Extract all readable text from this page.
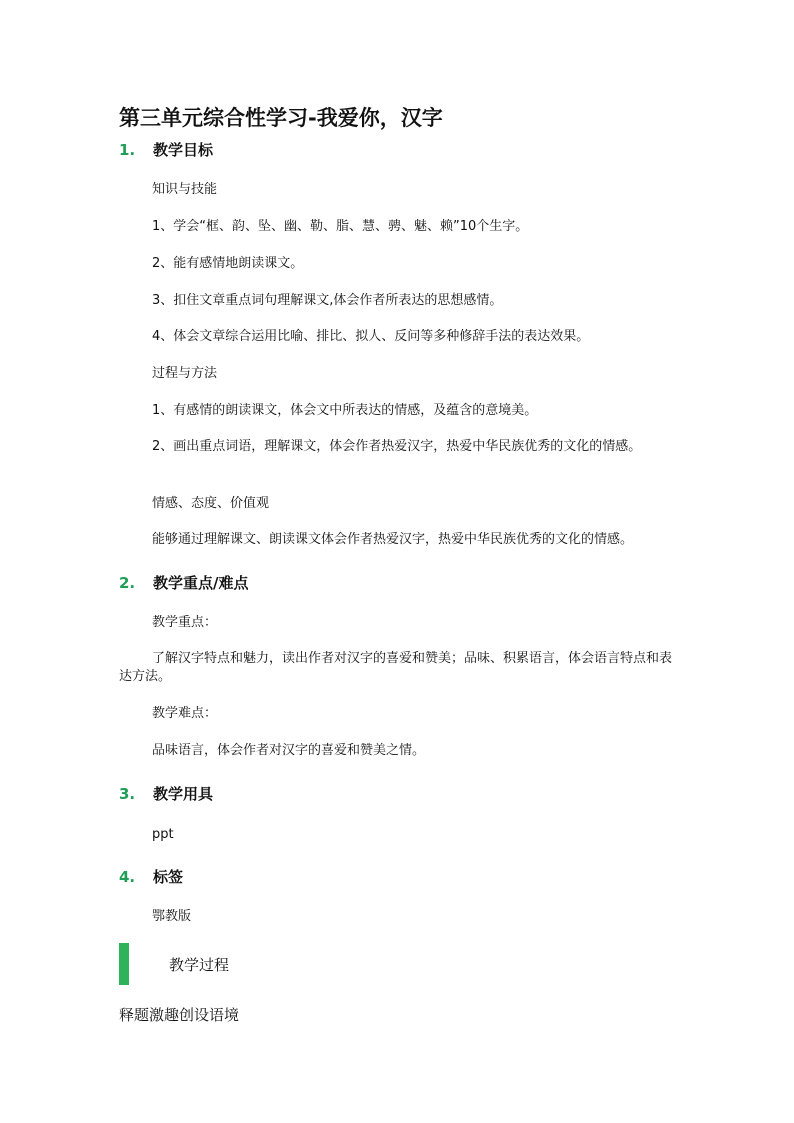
第三单元综合性学习-我爱你，汉字
1. 教学目标
知识与技能
1、学会“框、韵、坠、幽、勒、脂、慧、骋、魅、赖”10个生字。
2、能有感情地朗读课文。
3、扣住文章重点词句理解课文,体会作者所表达的思想感情。
4、体会文章综合运用比喻、排比、拟人、反问等多种修辞手法的表达效果。
过程与方法
1、有感情的朗读课文，体会文中所表达的情感，及蕴含的意境美。
2、画出重点词语，理解课文，体会作者热爱汉字，热爱中华民族优秀的文化的情感。
情感、态度、价值观
能够通过理解课文、朗读课文体会作者热爱汉字，热爱中华民族优秀的文化的情感。
2. 教学重点/难点
教学重点：
了解汉字特点和魅力，读出作者对汉字的喜爱和赞美；品味、积累语言，体会语言特点和表达方法。
教学难点：
品味语言，体会作者对汉字的喜爱和赞美之情。
3. 教学用具
ppt
4. 标签
鄂教版
教学过程
释题激趣创设语境
